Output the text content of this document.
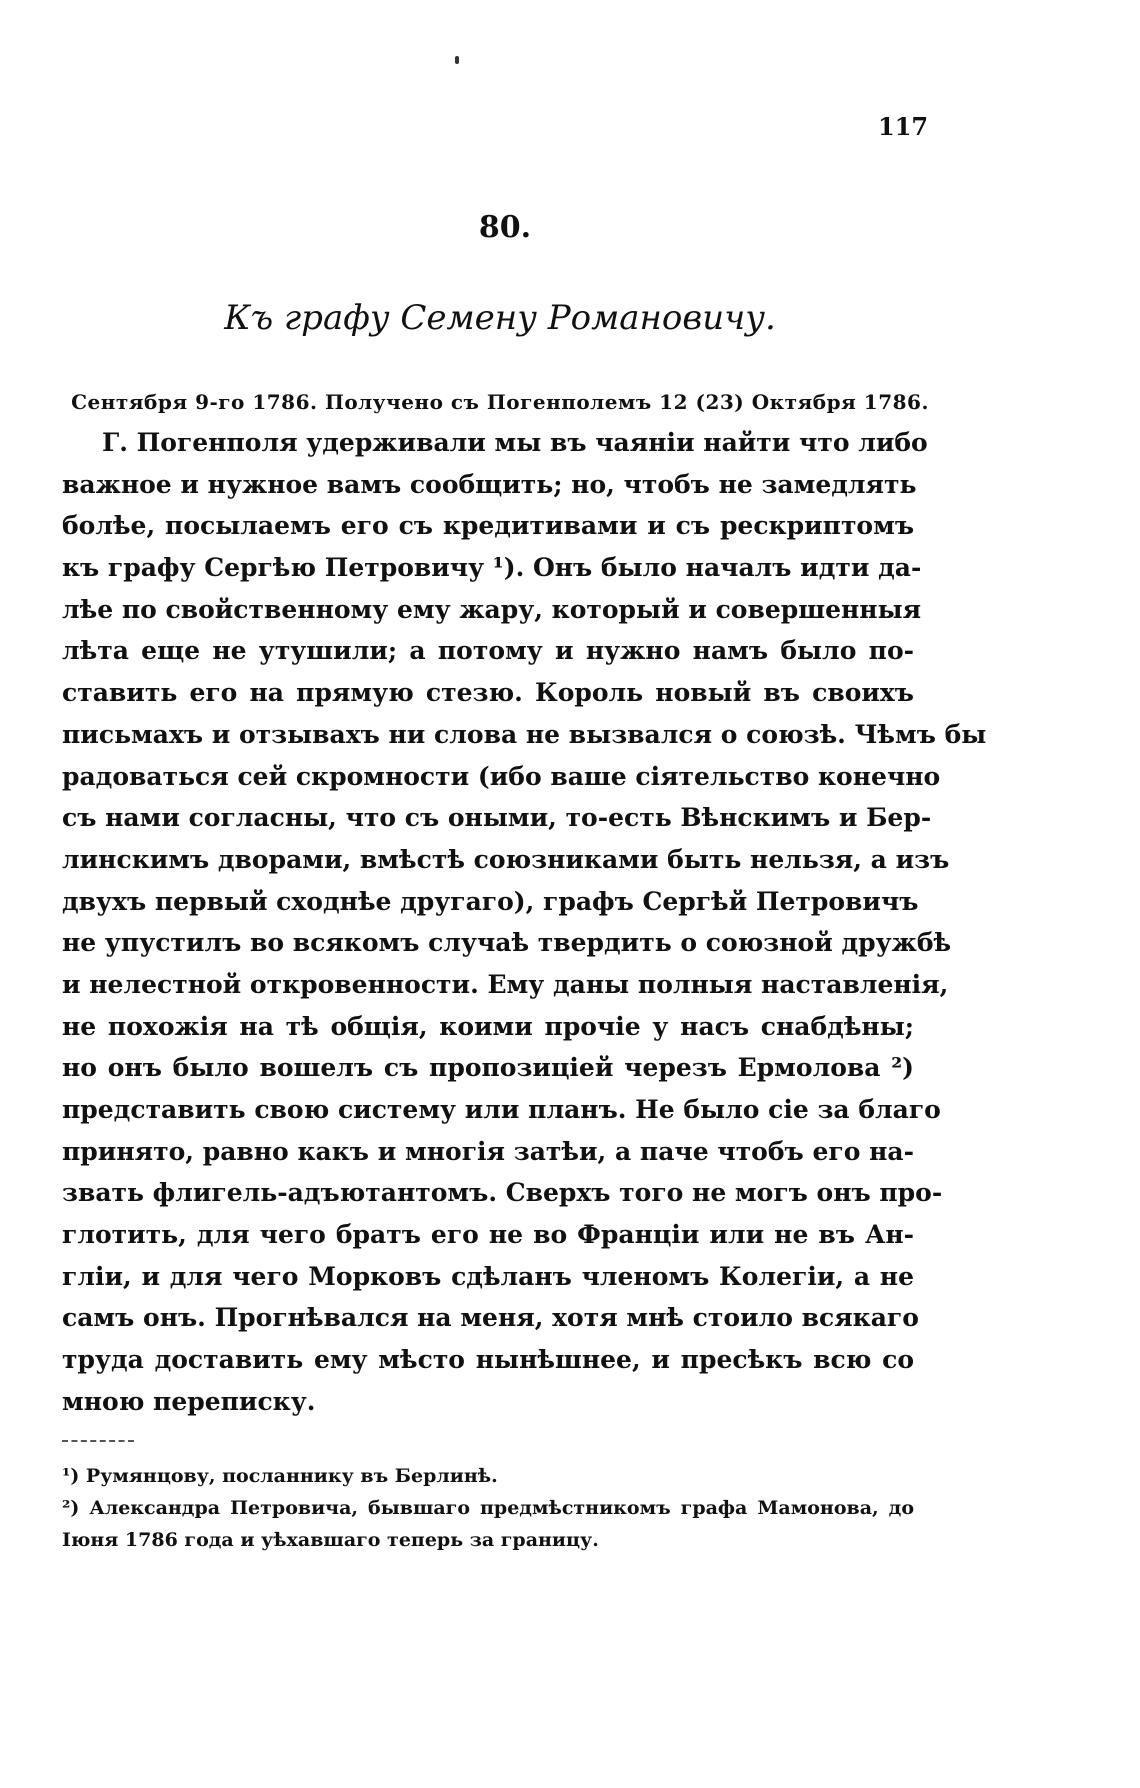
117
80.
Къ графу Семену Романовичу.
Сентября 9-го 1786. Получено съ Погенполемъ 12 (23) Октября 1786.
Г. Погенполя удерживали мы въ чаяніи найти что либо
важное и нужное вамъ сообщить; но, чтобъ не замедлять
болѣе, посылаемъ его съ кредитивами и съ рескриптомъ
къ графу Сергѣю Петровичу ¹). Онъ было началъ идти да-
лѣе по свойственному ему жару, который и совершенныя
лѣта еще не утушили; а потому и нужно намъ было по-
ставить его на прямую стезю. Король новый въ своихъ
письмахъ и отзывахъ ни слова не вызвался о союзѣ. Чѣмъ бы
радоваться сей скромности (ибо ваше сіятельство конечно
съ нами согласны, что съ оными, то-есть Вѣнскимъ и Бер-
линскимъ дворами, вмѣстѣ союзниками быть нельзя, а изъ
двухъ первый сходнѣе другаго), графъ Сергѣй Петровичъ
не упустилъ во всякомъ случаѣ твердить о союзной дружбѣ
и нелестной откровенности. Ему даны полныя наставленія,
не похожія на тѣ общія, коими прочіе у насъ снабдѣны;
но онъ было вошелъ съ пропозиціей черезъ Ермолова ²)
представить свою систему или планъ. Не было сіе за благо
принято, равно какъ и многія затѣи, а паче чтобъ его на-
звать флигель-адъютантомъ. Сверхъ того не могъ онъ про-
глотить, для чего братъ его не во Франціи или не въ Ан-
гліи, и для чего Морковъ сдѣланъ членомъ Колегіи, а не
самъ онъ. Прогнѣвался на меня, хотя мнѣ стоило всякаго
труда доставить ему мѣсто нынѣшнее, и пресѣкъ всю со
мною переписку.
¹) Румянцову, посланнику въ Берлинѣ.
²) Александра Петровича, бывшаго предмѣстникомъ графа Мамонова, до
Іюня 1786 года и уѣхавшаго теперь за границу.
